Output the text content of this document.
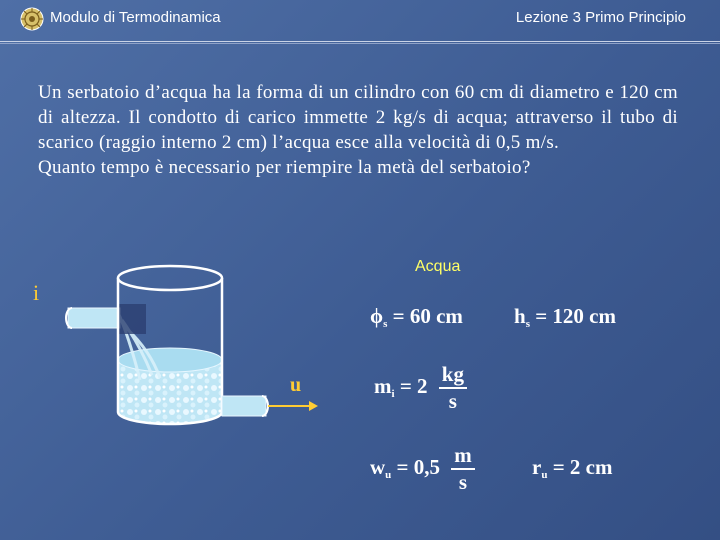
Modulo di Termodinamica	Lezione 3 Primo Principio

Un serbatoio d’acqua ha la forma di un cilindro con 60 cm di diametro e 120 cm di altezza. Il condotto di carico immette 2 kg/s di acqua; attraverso il tubo di scarico (raggio interno 2 cm) l’acqua esce alla velocità di 0,5 m/s.

Quanto tempo è necessario per riempire la metà del serbatoio?

Acqua
i
u
$\phi_s = 60$ cm $h_s = 120$ cm
$m_i = 2 \frac{kg}{s}$
$w_u = 0,5 \frac{m}{s}$	$r_u = 2$ cm
